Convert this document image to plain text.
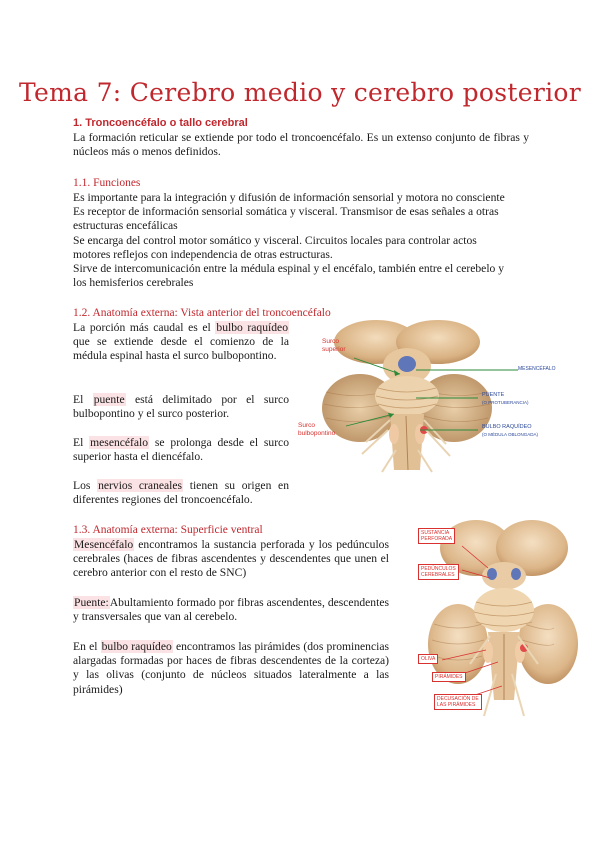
Tema 7: Cerebro medio y cerebro posterior
1. Troncoencéfalo o tallo cerebral

La formación reticular se extiende por todo el troncoencéfalo. Es un extenso conjunto de fibras y núcleos más o menos definidos.

1.1. Funciones
Es importante para la integración y difusión de información sensorial y motora no consciente
Es receptor de información sensorial somática y visceral. Transmisor de esas señales a otras
estructuras encefálicas
Se encarga del control motor somático y visceral. Circuitos locales para controlar actos
motores reflejos con independencia de otras estructuras.
Sirve de intercomunicación entre la médula espinal y el encéfalo, también entre el cerebelo y
los hemisferios cerebrales
1.2. Anatomía externa: Vista anterior del troncoencéfalo

La porción más caudal es el bulbo raquídeo que se extiende desde el comienzo de la médula espinal hasta el surco bulbopontino.

El puente está delimitado por el surco bulbopontino y el surco posterior.

El mesencéfalo se prolonga desde el surco superior hasta el diencéfalo.

Los nervios craneales tienen su origen en diferentes regiones del troncoencéfalo.

Surco
superior
Surco
bulbopontino
MESENCÉFALO
PUENTE
(O PROTUBERANCIA)
BULBO RAQUÍDEO
(O MÉDULA OBLONGADA)
1.3. Anatomía externa: Superficie ventral

Mesencéfalo encontramos la sustancia perforada y los pedúnculos cerebrales (haces de fibras ascendentes y descendentes que unen el cerebro anterior con el resto de SNC)

Puente:Abultamiento formado por fibras ascendentes, descendentes y transversales que van al cerebelo.

En el bulbo raquídeo encontramos las pirámides (dos prominencias alargadas formadas por haces de fibras descendentes de la corteza) y las olivas (conjunto de núcleos situados lateralmente a las pirámides)

SUSTANCIA
PERFORADA
PEDÚNCULOS
CEREBRALES
OLIVA
PIRÁMIDES
DECUSACIÓN DE
LAS PIRÁMIDES
